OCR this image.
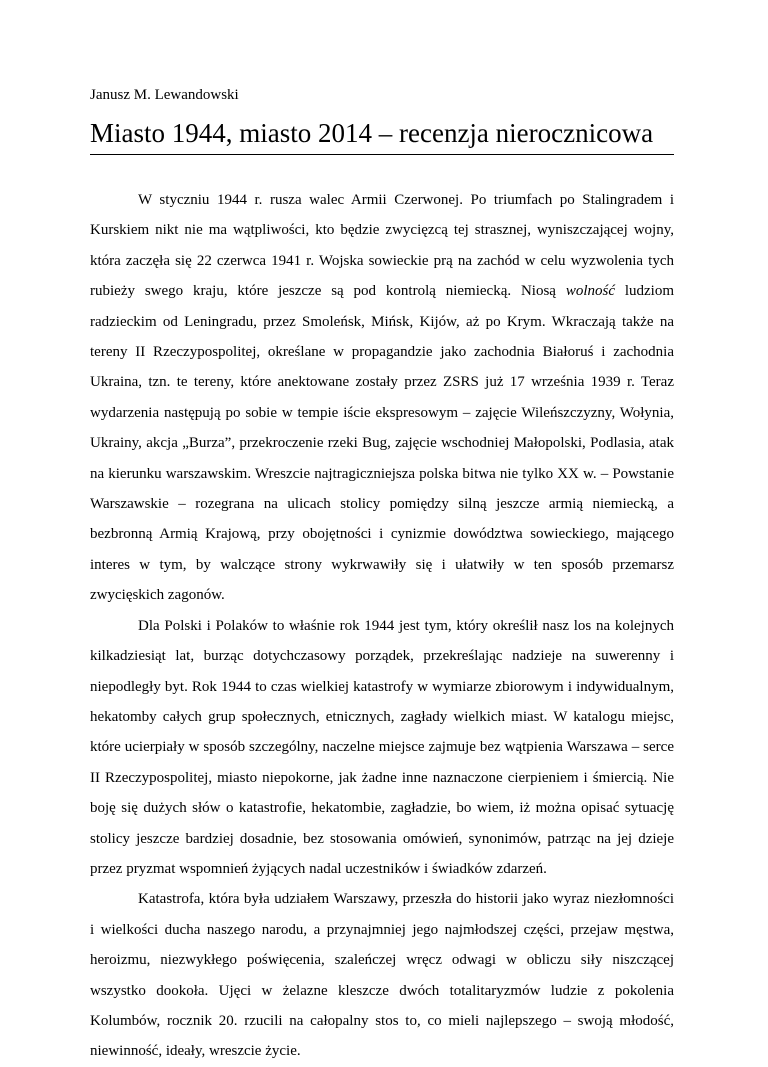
Janusz M. Lewandowski

Miasto 1944, miasto 2014 – recenzja nierocznicowa

W styczniu 1944 r. rusza walec Armii Czerwonej. Po triumfach po Stalingradem i Kurskiem nikt nie ma wątpliwości, kto będzie zwycięzcą tej strasznej, wyniszczającej wojny, która zaczęła się 22 czerwca 1941 r. Wojska sowieckie prą na zachód w celu wyzwolenia tych rubieży swego kraju, które jeszcze są pod kontrolą niemiecką. Niosą wolność ludziom radzieckim od Leningradu, przez Smoleńsk, Mińsk, Kijów, aż po Krym. Wkraczają także na tereny II Rzeczypospolitej, określane w propagandzie jako zachodnia Białoruś i zachodnia Ukraina, tzn. te tereny, które anektowane zostały przez ZSRS już 17 września 1939 r. Teraz wydarzenia następują po sobie w tempie iście ekspresowym – zajęcie Wileńszczyzny, Wołynia, Ukrainy, akcja „Burza”, przekroczenie rzeki Bug, zajęcie wschodniej Małopolski, Podlasia, atak na kierunku warszawskim. Wreszcie najtragiczniejsza polska bitwa nie tylko XX w. – Powstanie Warszawskie – rozegrana na ulicach stolicy pomiędzy silną jeszcze armią niemiecką, a bezbronną Armią Krajową, przy obojętności i cynizmie dowództwa sowieckiego, mającego interes w tym, by walczące strony wykrwawiły się i ułatwiły w ten sposób przemarsz zwycięskich zagonów.

Dla Polski i Polaków to właśnie rok 1944 jest tym, który określił nasz los na kolejnych kilkadziesiąt lat, burząc dotychczasowy porządek, przekreślając nadzieje na suwerenny i niepodległy byt. Rok 1944 to czas wielkiej katastrofy w wymiarze zbiorowym i indywidualnym, hekatomby całych grup społecznych, etnicznych, zagłady wielkich miast. W katalogu miejsc, które ucierpiały w sposób szczególny, naczelne miejsce zajmuje bez wątpienia Warszawa – serce II Rzeczypospolitej, miasto niepokorne, jak żadne inne naznaczone cierpieniem i śmiercią. Nie boję się dużych słów o katastrofie, hekatombie, zagładzie, bo wiem, iż można opisać sytuację stolicy jeszcze bardziej dosadnie, bez stosowania omówień, synonimów, patrząc na jej dzieje przez pryzmat wspomnień żyjących nadal uczestników i świadków zdarzeń.

Katastrofa, która była udziałem Warszawy, przeszła do historii jako wyraz niezłomności i wielkości ducha naszego narodu, a przynajmniej jego najmłodszej części, przejaw męstwa, heroizmu, niezwykłego poświęcenia, szaleńczej wręcz odwagi w obliczu siły niszczącej wszystko dookoła. Ujęci w żelazne kleszcze dwóch totalitaryzmów ludzie z pokolenia Kolumbów, rocznik 20. rzucili na całopalny stos to, co mieli najlepszego – swoją młodość, niewinność, ideały, wreszcie życie.
